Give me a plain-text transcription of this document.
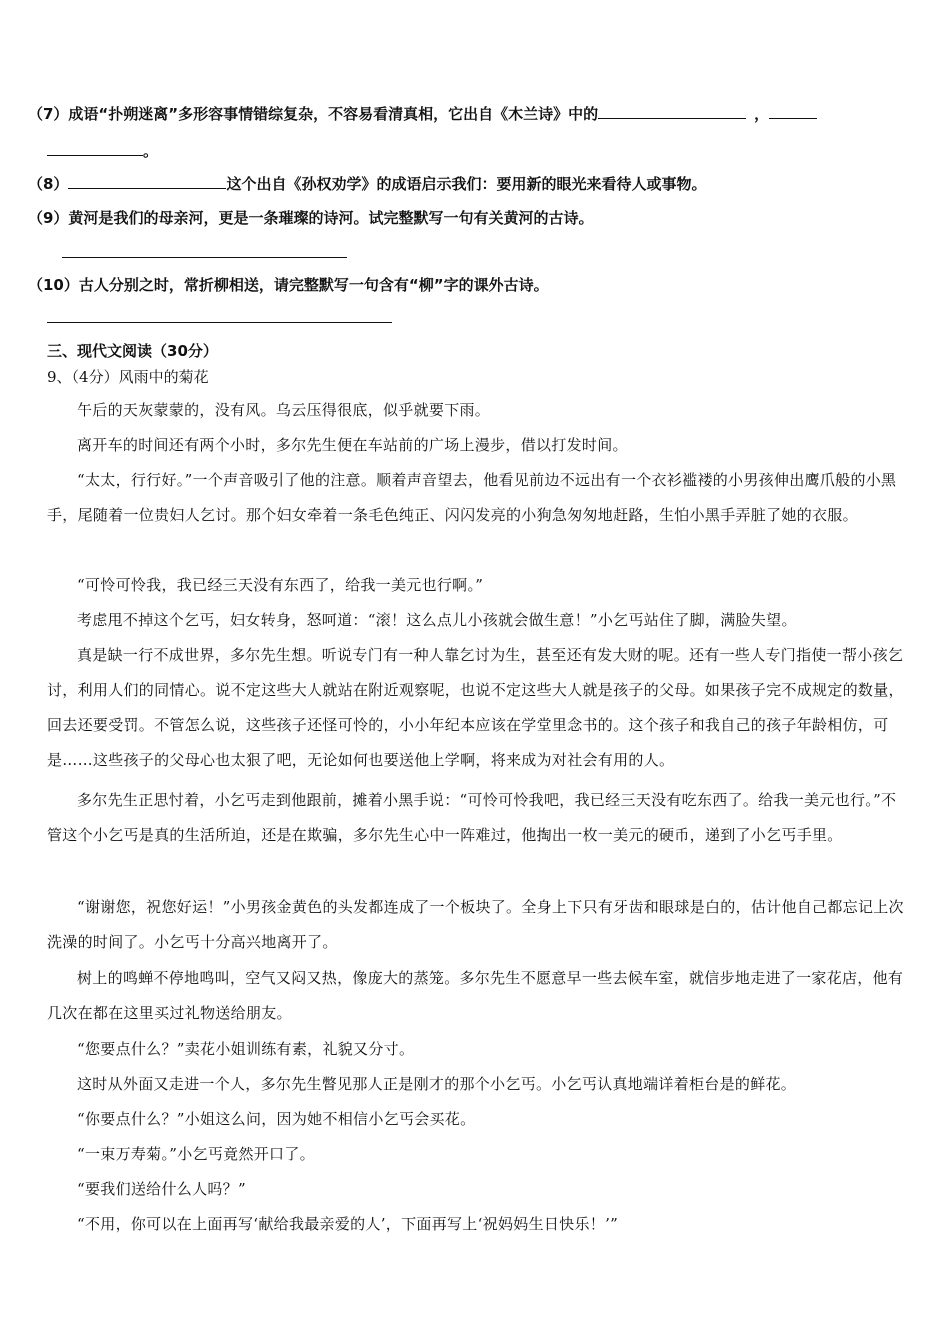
（7）成语“扑朔迷离”多形容事情错综复杂，不容易看清真相，它出自《木兰诗》中的	，
。
（8）	这个出自《孙权劝学》的成语启示我们：要用新的眼光来看待人或事物。
（9）黄河是我们的母亲河，更是一条璀璨的诗河。试完整默写一句有关黄河的古诗。
（10）古人分别之时，常折柳相送，请完整默写一句含有“柳”字的课外古诗。
三、现代文阅读（30分）
9、（4分）风雨中的菊花
午后的天灰蒙蒙的，没有风。乌云压得很底，似乎就要下雨。
离开车的时间还有两个小时，多尔先生便在车站前的广场上漫步，借以打发时间。
“太太，行行好。”一个声音吸引了他的注意。顺着声音望去，他看见前边不远出有一个衣衫褴褛的小男孩伸出鹰爪般的小黑手，尾随着一位贵妇人乞讨。那个妇女牵着一条毛色纯正、闪闪发亮的小狗急匆匆地赶路，生怕小黑手弄脏了她的衣服。
“可怜可怜我，我已经三天没有东西了，给我一美元也行啊。”
考虑甩不掉这个乞丐，妇女转身，怒呵道：“滚！这么点儿小孩就会做生意！”小乞丐站住了脚，满脸失望。
真是缺一行不成世界，多尔先生想。听说专门有一种人靠乞讨为生，甚至还有发大财的呢。还有一些人专门指使一帮小孩乞讨，利用人们的同情心。说不定这些大人就站在附近观察呢，也说不定这些大人就是孩子的父母。如果孩子完不成规定的数量，回去还要受罚。不管怎么说，这些孩子还怪可怜的，小小年纪本应该在学堂里念书的。这个孩子和我自己的孩子年龄相仿，可是……这些孩子的父母心也太狠了吧，无论如何也要送他上学啊，将来成为对社会有用的人。
多尔先生正思忖着，小乞丐走到他跟前，摊着小黑手说：“可怜可怜我吧，我已经三天没有吃东西了。给我一美元也行。”不管这个小乞丐是真的生活所迫，还是在欺骗，多尔先生心中一阵难过，他掏出一枚一美元的硬币，递到了小乞丐手里。
“谢谢您，祝您好运！”小男孩金黄色的头发都连成了一个板块了。全身上下只有牙齿和眼球是白的，估计他自己都忘记上次洗澡的时间了。小乞丐十分高兴地离开了。
树上的鸣蝉不停地鸣叫，空气又闷又热，像庞大的蒸笼。多尔先生不愿意早一些去候车室，就信步地走进了一家花店，他有几次在都在这里买过礼物送给朋友。
“您要点什么？”卖花小姐训练有素，礼貌又分寸。
这时从外面又走进一个人，多尔先生瞥见那人正是刚才的那个小乞丐。小乞丐认真地端详着柜台是的鲜花。
“你要点什么？”小姐这么问，因为她不相信小乞丐会买花。
“一束万寿菊。”小乞丐竟然开口了。
“要我们送给什么人吗？”
“不用，你可以在上面再写‘献给我最亲爱的人’，下面再写上‘祝妈妈生日快乐！’”
